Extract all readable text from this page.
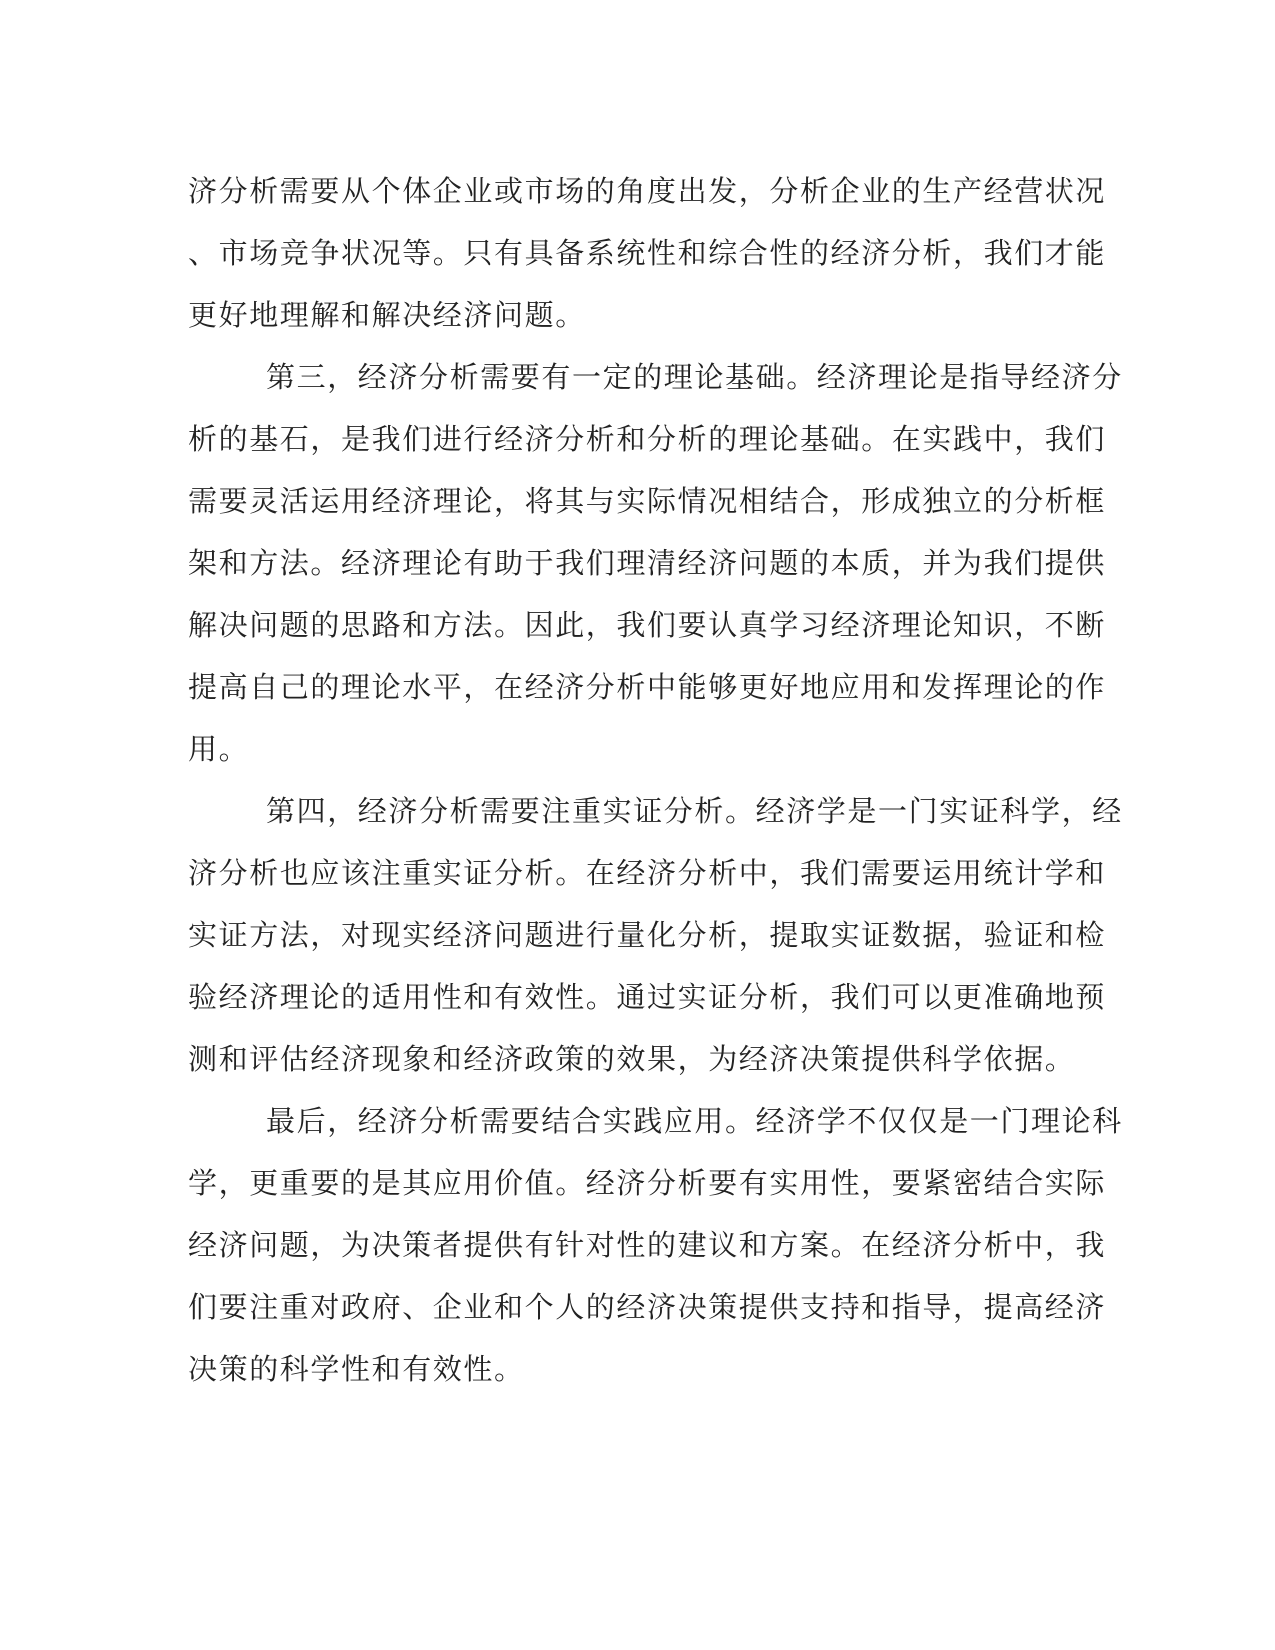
济分析需要从个体企业或市场的角度出发，分析企业的生产经营状况
、市场竞争状况等。只有具备系统性和综合性的经济分析，我们才能
更好地理解和解决经济问题。
第三，经济分析需要有一定的理论基础。经济理论是指导经济分
析的基石，是我们进行经济分析和分析的理论基础。在实践中，我们
需要灵活运用经济理论，将其与实际情况相结合，形成独立的分析框
架和方法。经济理论有助于我们理清经济问题的本质，并为我们提供
解决问题的思路和方法。因此，我们要认真学习经济理论知识，不断
提高自己的理论水平，在经济分析中能够更好地应用和发挥理论的作
用。
第四，经济分析需要注重实证分析。经济学是一门实证科学，经
济分析也应该注重实证分析。在经济分析中，我们需要运用统计学和
实证方法，对现实经济问题进行量化分析，提取实证数据，验证和检
验经济理论的适用性和有效性。通过实证分析，我们可以更准确地预
测和评估经济现象和经济政策的效果，为经济决策提供科学依据。
最后，经济分析需要结合实践应用。经济学不仅仅是一门理论科
学，更重要的是其应用价值。经济分析要有实用性，要紧密结合实际
经济问题，为决策者提供有针对性的建议和方案。在经济分析中，我
们要注重对政府、企业和个人的经济决策提供支持和指导，提高经济
决策的科学性和有效性。
